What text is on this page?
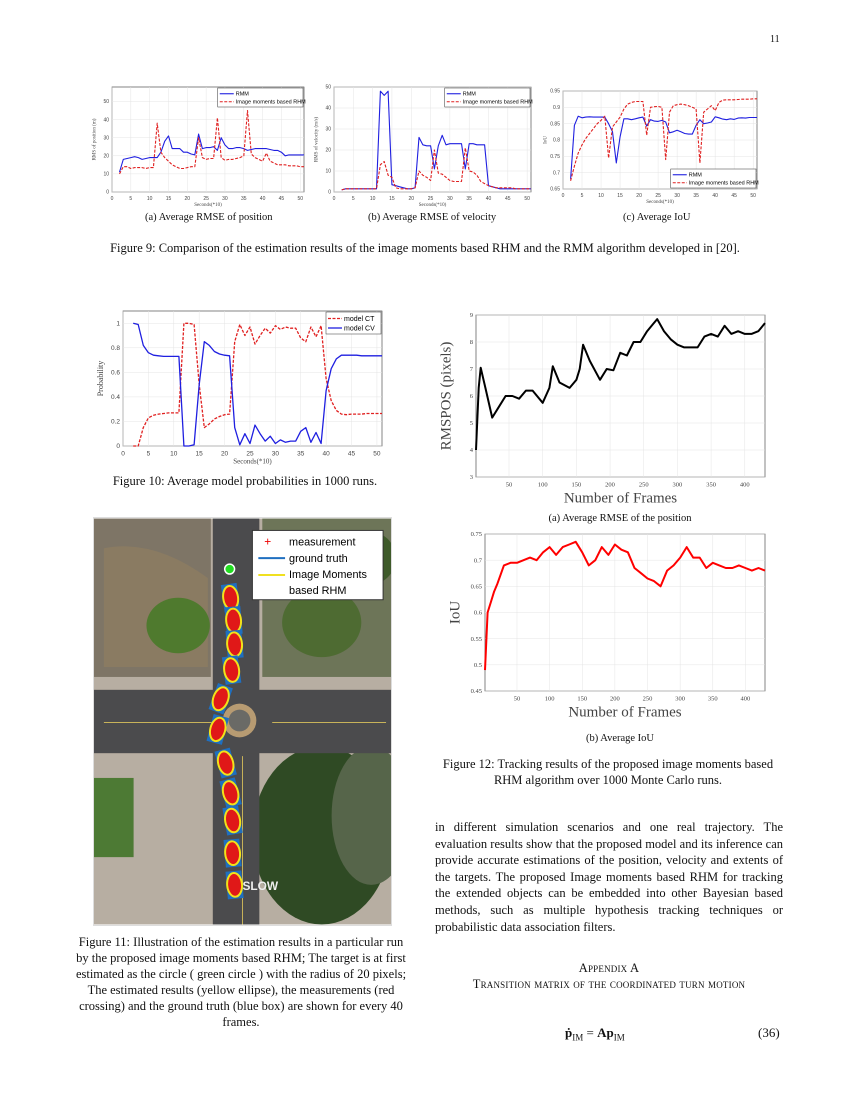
11
0	5	10	15	20	25	30	35	40	45	50
0
10
20
30
40
50
Seconds(*10)
RMS of position (m)
RMM
Image moments based RHM
0	5	10	15	20	25	30	35	40	45	50
0
10
20
30
40
50
Seconds(*10)
RMS of velocity (m/s)
RMM
Image moments based RHM
0	5	10	15	20	25	30	35	40	45	50
0.65
0.7
0.75
0.8
0.85
0.9
0.95
Seconds(*10)
IoU
RMM
Image moments based RHM
(a) Average RMSE of position	(b) Average RMSE of velocity	(c) Average IoU
Figure 9: Comparison of the estimation results of the image moments based RHM and the RMM algorithm developed in [20].
0	5	10	15	20	25	30	35	40	45	50
0
0.2
0.4
0.6
0.8
1
Seconds(*10)
Probability
model CT
model CV
Figure 10: Average model probabilities in 1000 runs.	50	100	150	200	250	300	350	400
3
4
5
6
7
8
9
Number of Frames
RMSPOS (pixels)
(a) Average RMSE of the position
50	100	150	200	250	300	350	400
0.45
0.5
0.55
0.6
0.65
0.7
0.75
Number of Frames
IoU
(b) Average IoU
Figure 12: Tracking results of the proposed image moments based RHM algorithm over 1000 Monte Carlo runs.
SLOW
+ measurement
ground truth
Image Moments
based RHM
Figure 11: Illustration of the estimation results in a particular run by the proposed image moments based RHM; The target is at first estimated as the circle ( green circle ) with the radius of 20 pixels; The estimated results (yellow ellipse), the measurements (red crossing) and the ground truth (blue box) are shown for every 40 frames.
in different simulation scenarios and one real trajectory. The evaluation results show that the proposed model and its inference can provide accurate estimations of the position, velocity and extents of the targets. The proposed Image moments based RHM for tracking the extended objects can be embedded into other Bayesian based methods, such as multiple hypothesis tracking techniques or probabilistic data association filters.
Appendix A
Transition matrix of the coordinated turn motion
ṗ$_{IM}$ = $Ap_{IM}$	(36)
